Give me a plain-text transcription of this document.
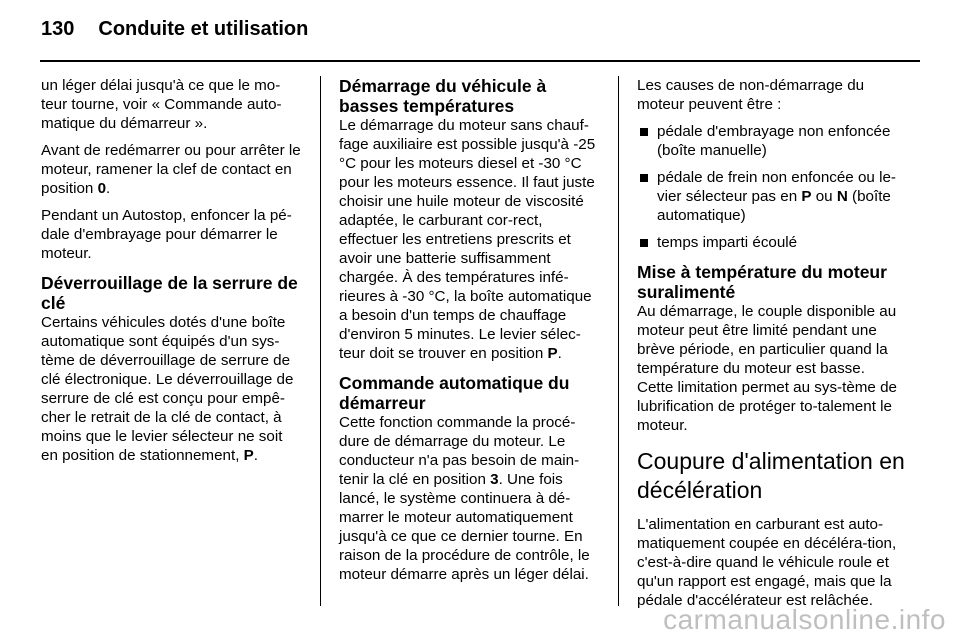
130 Conduite et utilisation

un léger délai jusqu'à ce que le mo-teur tourne, voir « Commande auto-matique du démarreur ».

Avant de redémarrer ou pour arrêter le moteur, ramener la clef de contact en position 0.

Pendant un Autostop, enfoncer la pé-dale d'embrayage pour démarrer le moteur.

Déverrouillage de la serrure de clé

Certains véhicules dotés d'une boîte automatique sont équipés d'un sys-tème de déverrouillage de serrure de clé électronique. Le déverrouillage de serrure de clé est conçu pour empê-cher le retrait de la clé de contact, à moins que le levier sélecteur ne soit en position de stationnement, P.

Démarrage du véhicule à basses températures

Le démarrage du moteur sans chauf-fage auxiliaire est possible jusqu'à -25 °C pour les moteurs diesel et -30 °C pour les moteurs essence. Il faut juste choisir une huile moteur de viscosité adaptée, le carburant cor-rect, effectuer les entretiens prescrits et avoir une batterie suffisamment chargée. À des températures infé-rieures à -30 °C, la boîte automatique a besoin d'un temps de chauffage d'environ 5 minutes. Le levier sélec-teur doit se trouver en position P.

Commande automatique du démarreur

Cette fonction commande la procé-dure de démarrage du moteur. Le conducteur n'a pas besoin de main-tenir la clé en position 3. Une fois lancé, le système continuera à dé-marrer le moteur automatiquement jusqu'à ce que ce dernier tourne. En raison de la procédure de contrôle, le moteur démarre après un léger délai.

Les causes de non-démarrage du moteur peuvent être :

pédale d'embrayage non enfoncée (boîte manuelle)
pédale de frein non enfoncée ou le-vier sélecteur pas en P ou N (boîte automatique)
temps imparti écoulé
Mise à température du moteur suralimenté

Au démarrage, le couple disponible au moteur peut être limité pendant une brève période, en particulier quand la température du moteur est basse. Cette limitation permet au sys-tème de lubrification de protéger to-talement le moteur.

Coupure d'alimentation en décélération

L'alimentation en carburant est auto-matiquement coupée en décéléra-tion, c'est-à-dire quand le véhicule roule et qu'un rapport est engagé, mais que la pédale d'accélérateur est relâchée.

carmanualsonline.info
